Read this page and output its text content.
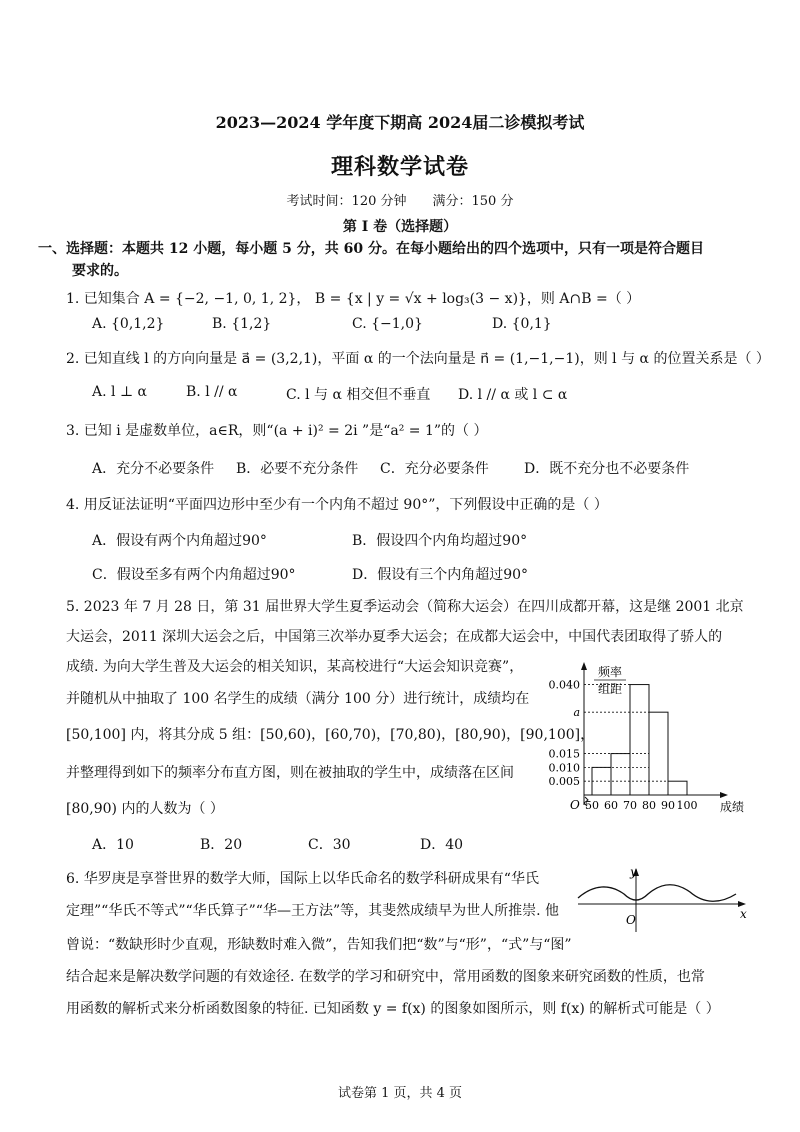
2023—2024 学年度下期高 2024届二诊模拟考试
理科数学试卷
考试时间：120 分钟　　满分：150 分
第 I 卷（选择题）
一、选择题：本题共 12 小题，每小题 5 分，共 60 分。在每小题给出的四个选项中，只有一项是符合题目
要求的。
1. 已知集合 A = {−2, −1, 0, 1, 2}， B = {x | y = √x + log₃(3 − x)}，则 A∩B =（ ）
A. {0,1,2}	B. {1,2}	C. {−1,0}	D. {0,1}
2. 已知直线 l 的方向向量是 a⃗ = (3,2,1)，平面 α 的一个法向量是 n⃗ = (1,−1,−1)，则 l 与 α 的位置关系是（ ）
A. l ⊥ α	B. l // α	C. l 与 α 相交但不垂直 D. l // α 或 l ⊂ α
3. 已知 i 是虚数单位，a∈R，则“(a + i)² = 2i ”是“a² = 1”的（ ）
A．充分不必要条件 B．必要不充分条件 C．充分必要条件	D．既不充分也不必要条件
4. 用反证法证明“平面四边形中至少有一个内角不超过 90°”，下列假设中正确的是（ ）
A．假设有两个内角超过90°	B．假设四个内角均超过90°
C．假设至多有两个内角超过90°	D．假设有三个内角超过90°
5. 2023 年 7 月 28 日，第 31 届世界大学生夏季运动会（简称大运会）在四川成都开幕，这是继 2001 北京
大运会，2011 深圳大运会之后，中国第三次举办夏季大运会；在成都大运会中，中国代表团取得了骄人的
成绩. 为向大学生普及大运会的相关知识，某高校进行“大运会知识竞赛”，
并随机从中抽取了 100 名学生的成绩（满分 100 分）进行统计，成绩均在
[50,100] 内，将其分成 5 组：[50,60)，[60,70)，[70,80)，[80,90)，[90,100]，
并整理得到如下的频率分布直方图，则在被抽取的学生中，成绩落在区间
[80,90) 内的人数为（ ）
A．10	B．20	C．30	D．40
0.040
a
0.015
0.010
0.005
50 60 70 80 90 100
O	成绩
频率
组距
6. 华罗庚是享誉世界的数学大师，国际上以华氏命名的数学科研成果有“华氏
定理”“华氏不等式”“华氏算子”“华—王方法”等，其斐然成绩早为世人所推崇. 他
曾说：“数缺形时少直观，形缺数时难入微”，告知我们把“数”与“形”，“式”与“图”
结合起来是解决数学问题的有效途径. 在数学的学习和研究中，常用函数的图象来研究函数的性质，也常
用函数的解析式来分析函数图象的特征. 已知函数 y = f(x) 的图象如图所示，则 f(x) 的解析式可能是（ ）
O
y
x
试卷第 1 页，共 4 页
